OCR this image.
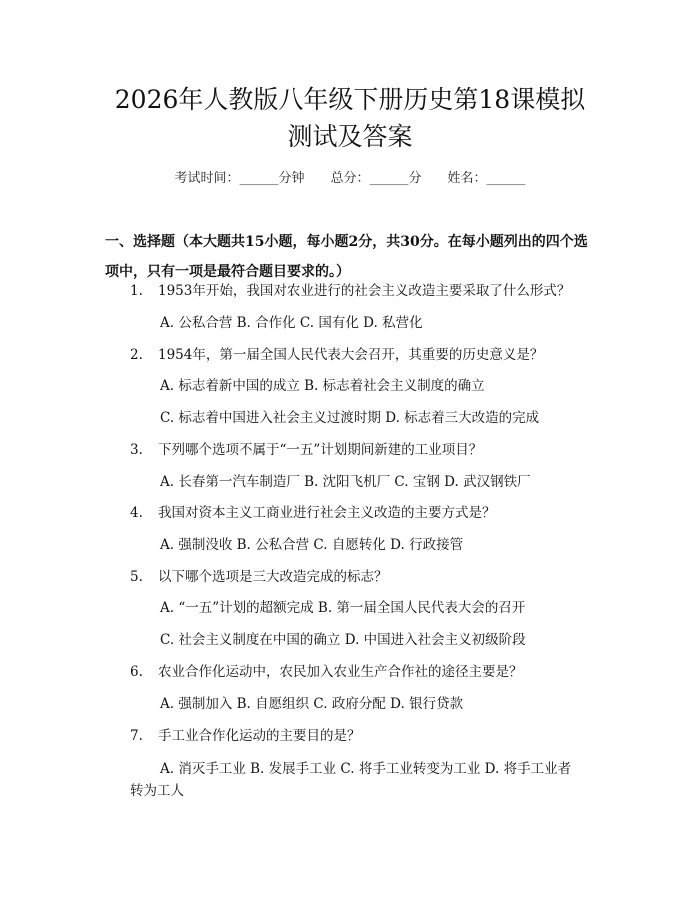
2026年人教版八年级下册历史第18课模拟
测试及答案
考试时间：______分钟 总分：______分 姓名：______
一、选择题（本大题共15小题，每小题2分，共30分。在每小题列出的四个选
项中，只有一项是最符合题目要求的。）
1. 1953年开始，我国对农业进行的社会主义改造主要采取了什么形式？
A. 公私合营 B. 合作化 C. 国有化 D. 私营化
2. 1954年，第一届全国人民代表大会召开，其重要的历史意义是？
A. 标志着新中国的成立 B. 标志着社会主义制度的确立
C. 标志着中国进入社会主义过渡时期 D. 标志着三大改造的完成
3. 下列哪个选项不属于“一五”计划期间新建的工业项目？
A. 长春第一汽车制造厂 B. 沈阳飞机厂 C. 宝钢 D. 武汉钢铁厂
4. 我国对资本主义工商业进行社会主义改造的主要方式是？
A. 强制没收 B. 公私合营 C. 自愿转化 D. 行政接管
5. 以下哪个选项是三大改造完成的标志？
A. “一五”计划的超额完成 B. 第一届全国人民代表大会的召开
C. 社会主义制度在中国的确立 D. 中国进入社会主义初级阶段
6. 农业合作化运动中，农民加入农业生产合作社的途径主要是？
A. 强制加入 B. 自愿组织 C. 政府分配 D. 银行贷款
7. 手工业合作化运动的主要目的是？
A. 消灭手工业 B. 发展手工业 C. 将手工业转变为工业 D. 将手工业者
转为工人
